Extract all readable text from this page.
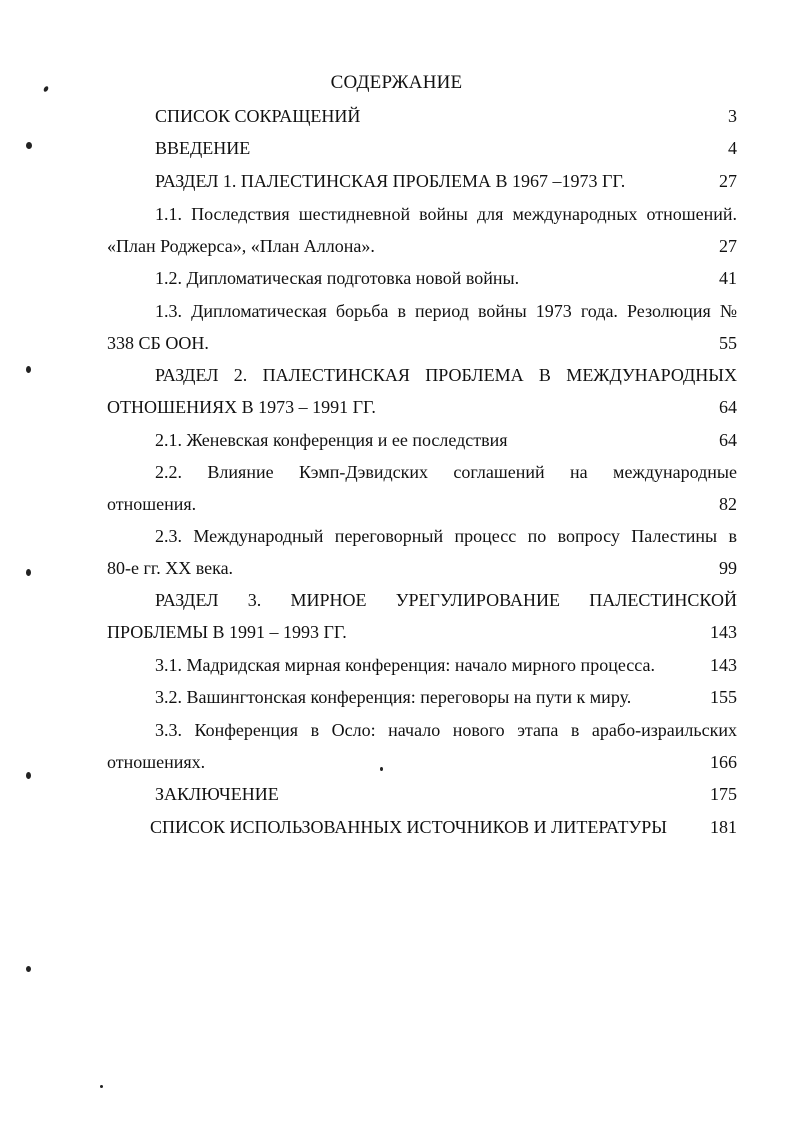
СОДЕРЖАНИЕ
СПИСОК СОКРАЩЕНИЙ	3
ВВЕДЕНИЕ	4
РАЗДЕЛ 1. ПАЛЕСТИНСКАЯ ПРОБЛЕМА В 1967 –1973 ГГ.	27
1.1. Последствия шестидневной войны для международных отношений.
«План Роджерса», «План Аллона».	27
1.2. Дипломатическая подготовка новой войны.	41
1.3. Дипломатическая борьба в период войны 1973 года. Резолюция №
338 СБ ООН.	55
РАЗДЕЛ 2. ПАЛЕСТИНСКАЯ ПРОБЛЕМА В МЕЖДУНАРОДНЫХ
ОТНОШЕНИЯХ В 1973 – 1991 ГГ.	64
2.1. Женевская конференция и ее последствия	64
2.2. Влияние Кэмп-Дэвидских соглашений на международные
отношения.	82
2.3. Международный переговорный процесс по вопросу Палестины в
80-е гг. XX века.	99
РАЗДЕЛ 3. МИРНОЕ УРЕГУЛИРОВАНИЕ ПАЛЕСТИНСКОЙ
ПРОБЛЕМЫ В 1991 – 1993 ГГ.	143
3.1. Мадридская мирная конференция: начало мирного процесса.	143
3.2. Вашингтонская конференция: переговоры на пути к миру.	155
3.3. Конференция в Осло: начало нового этапа в арабо-израильских
отношениях.	166
ЗАКЛЮЧЕНИЕ	175
СПИСОК ИСПОЛЬЗОВАННЫХ ИСТОЧНИКОВ И ЛИТЕРАТУРЫ 181
